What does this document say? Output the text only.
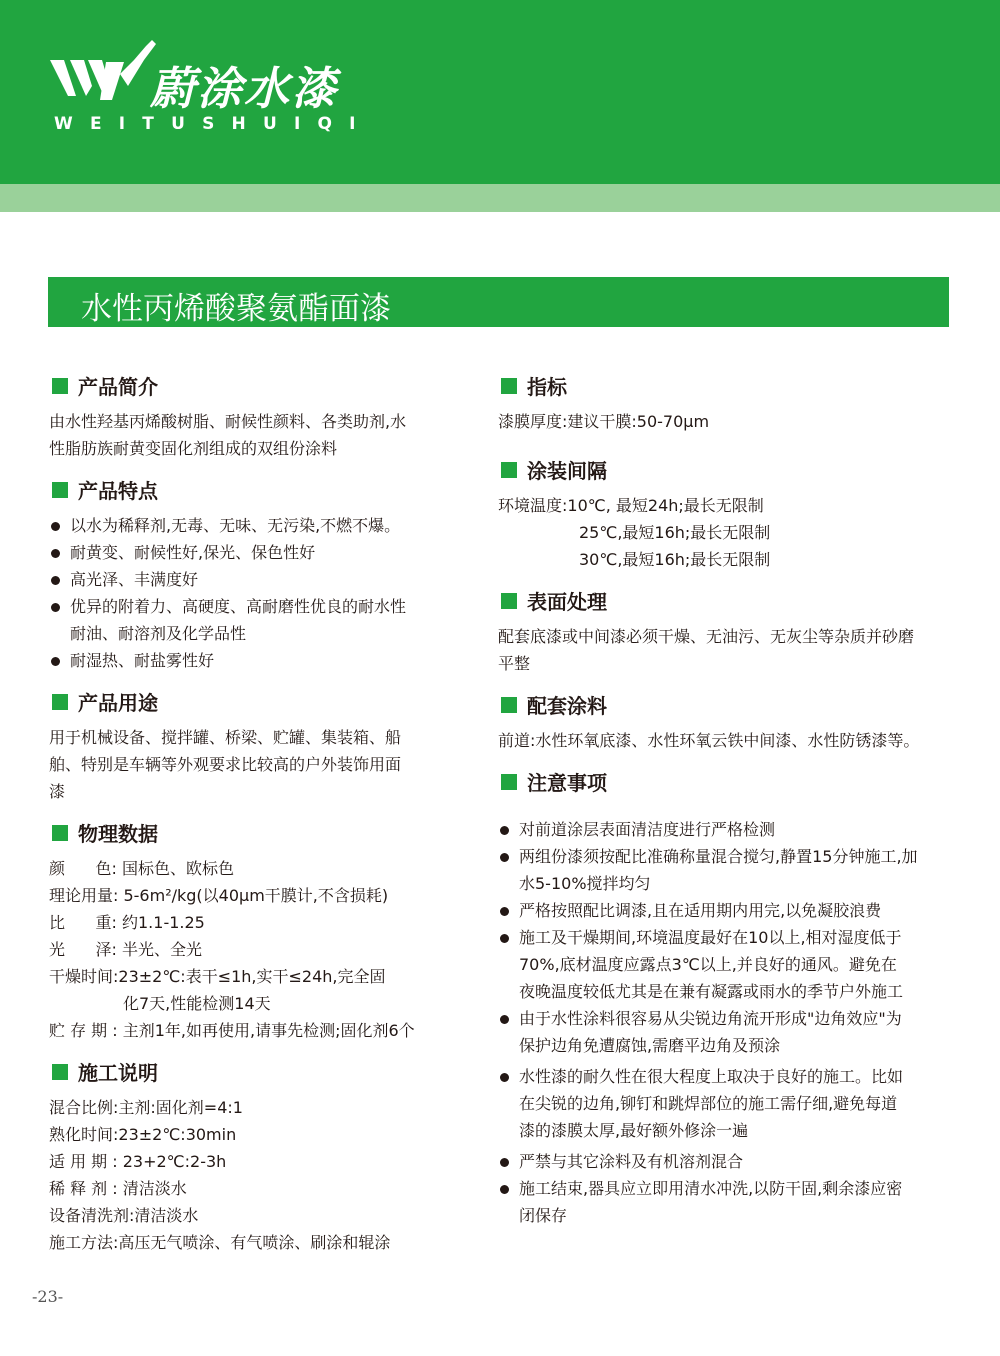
蔚涂水漆
WEITUSHUIQI
水性丙烯酸聚氨酯面漆
产品简介
由水性羟基丙烯酸树脂、耐候性颜料、各类助剂,水
性脂肪族耐黄变固化剂组成的双组份涂料
产品特点
以水为稀释剂,无毒、无味、无污染,不燃不爆。
耐黄变、耐候性好,保光、保色性好
高光泽、丰满度好
优异的附着力、高硬度、高耐磨性优良的耐水性
耐油、耐溶剂及化学品性
耐湿热、耐盐雾性好
产品用途
用于机械设备、搅拌罐、桥梁、贮罐、集装箱、船
舶、特别是车辆等外观要求比较高的户外装饰用面
漆
物理数据
颜      色: 国标色、欧标色
理论用量: 5-6m²/kg(以40μm干膜计,不含损耗)
比      重: 约1.1-1.25
光      泽: 半光、全光
干燥时间:23±2℃:表干≤1h,实干≤24h,完全固
化7天,性能检测14天
贮 存 期 : 主剂1年,如再使用,请事先检测;固化剂6个
施工说明
混合比例:主剂:固化剂=4:1
熟化时间:23±2℃:30min
适 用 期 : 23+2℃:2-3h
稀 释 剂 : 清洁淡水
设备清洗剂:清洁淡水
施工方法:高压无气喷涂、有气喷涂、刷涂和辊涂
指标
漆膜厚度:建议干膜:50-70μm
涂装间隔
环境温度:10℃, 最短24h;最长无限制
25℃,最短16h;最长无限制
30℃,最短16h;最长无限制
表面处理
配套底漆或中间漆必须干燥、无油污、无灰尘等杂质并砂磨
平整
配套涂料
前道:水性环氧底漆、水性环氧云铁中间漆、水性防锈漆等。
注意事项
对前道涂层表面清洁度进行严格检测
两组份漆须按配比准确称量混合搅匀,静置15分钟施工,加
水5-10%搅拌均匀
严格按照配比调漆,且在适用期内用完,以免凝胶浪费
施工及干燥期间,环境温度最好在10以上,相对湿度低于
70%,底材温度应露点3℃以上,并良好的通风。避免在
夜晚温度较低尤其是在兼有凝露或雨水的季节户外施工
由于水性涂料很容易从尖锐边角流开形成"边角效应"为
保护边角免遭腐蚀,需磨平边角及预涂
水性漆的耐久性在很大程度上取决于良好的施工。比如
在尖锐的边角,铆钉和跳焊部位的施工需仔细,避免每道
漆的漆膜太厚,最好额外修涂一遍
严禁与其它涂料及有机溶剂混合
施工结束,器具应立即用清水冲洗,以防干固,剩余漆应密
闭保存
-23-
